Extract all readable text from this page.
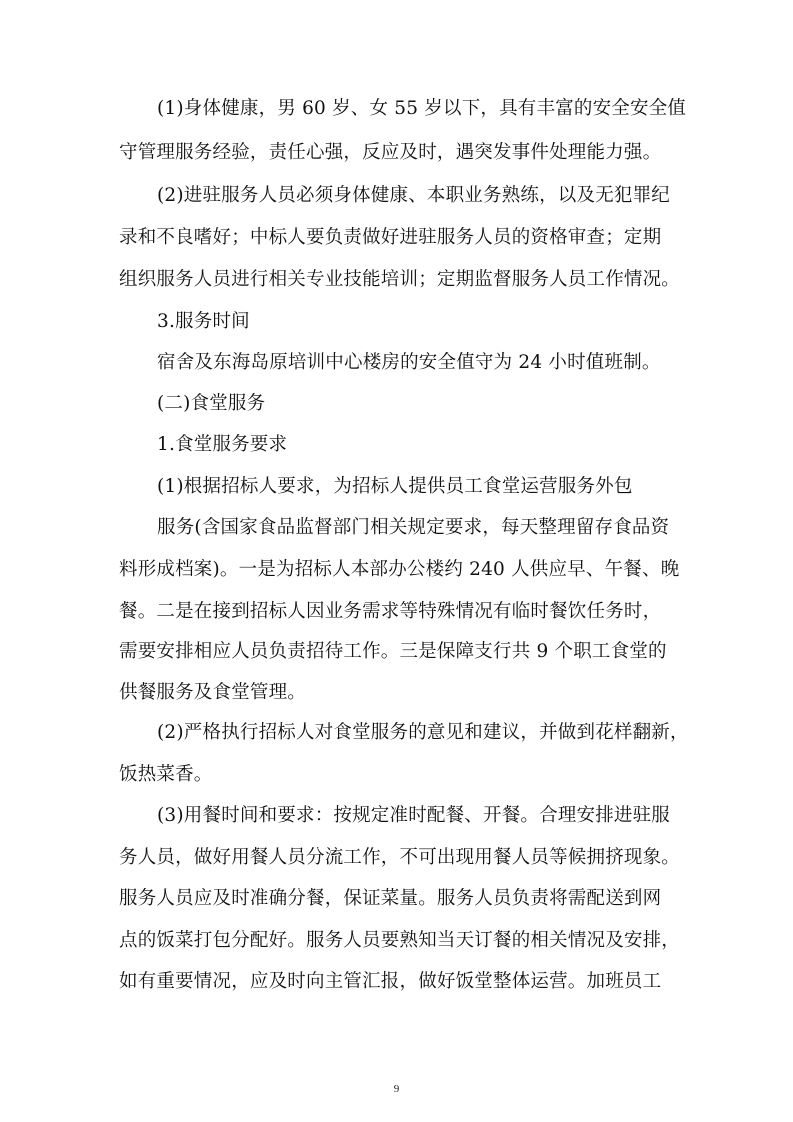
(1)身体健康，男 60 岁、女 55 岁以下，具有丰富的安全安全值
守管理服务经验，责任心强，反应及时，遇突发事件处理能力强。
(2)进驻服务人员必须身体健康、本职业务熟练，以及无犯罪纪
录和不良嗜好；中标人要负责做好进驻服务人员的资格审查；定期
组织服务人员进行相关专业技能培训；定期监督服务人员工作情况。
3.服务时间
宿舍及东海岛原培训中心楼房的安全值守为 24 小时值班制。
(二)食堂服务
1.食堂服务要求
(1)根据招标人要求，为招标人提供员工食堂运营服务外包
服务(含国家食品监督部门相关规定要求，每天整理留存食品资
料形成档案)。一是为招标人本部办公楼约 240 人供应早、午餐、晚
餐。二是在接到招标人因业务需求等特殊情况有临时餐饮任务时，
需要安排相应人员负责招待工作。三是保障支行共 9 个职工食堂的
供餐服务及食堂管理。
(2)严格执行招标人对食堂服务的意见和建议，并做到花样翻新，
饭热菜香。
(3)用餐时间和要求：按规定准时配餐、开餐。合理安排进驻服
务人员，做好用餐人员分流工作，不可出现用餐人员等候拥挤现象。
服务人员应及时准确分餐，保证菜量。服务人员负责将需配送到网
点的饭菜打包分配好。服务人员要熟知当天订餐的相关情况及安排，
如有重要情况，应及时向主管汇报，做好饭堂整体运营。加班员工
9
